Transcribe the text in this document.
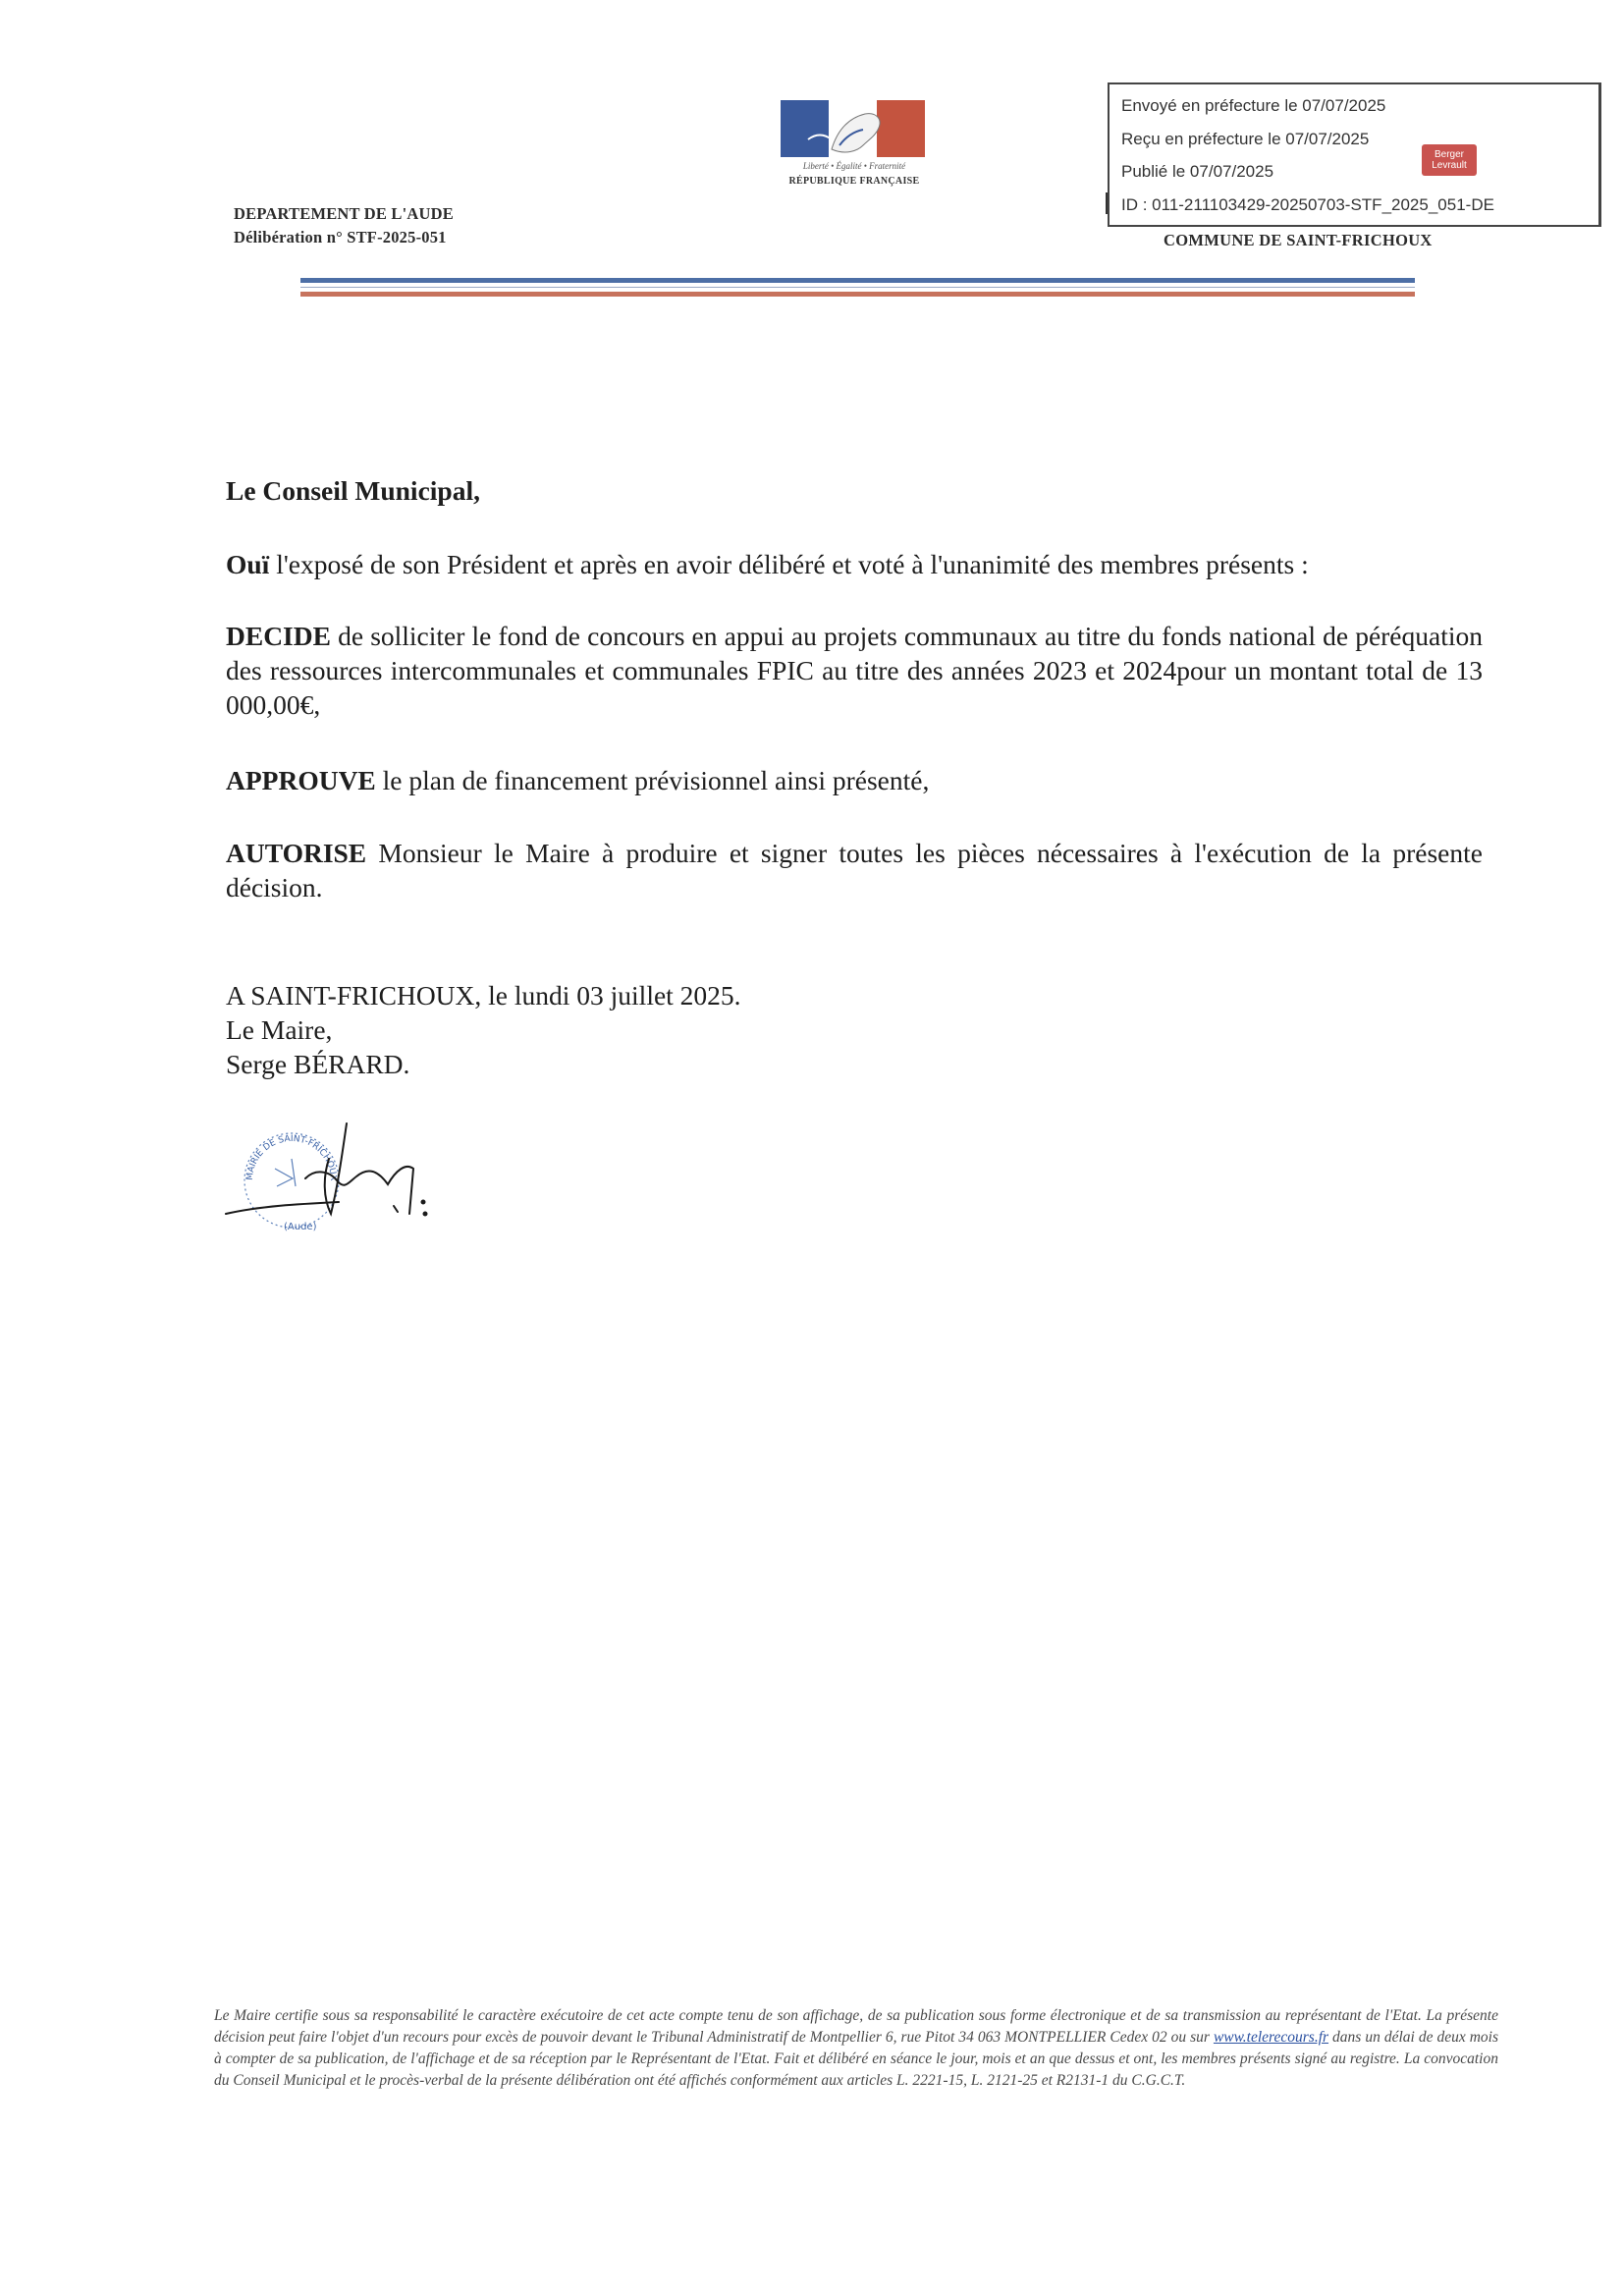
Liberté • Égalité • Fraternité
RÉPUBLIQUE FRANÇAISE
DEPARTEMENT DE L'AUDE
Délibération n° STF-2025-051
Envoyé en préfecture le 07/07/2025
Reçu en préfecture le 07/07/2025
Publié le 07/07/2025
ID : 011-211103429-20250703-STF_2025_051-DE
Berger
Levrault
COMMUNE DE SAINT-FRICHOUX
Le Conseil Municipal,
Ouï l'exposé de son Président et après en avoir délibéré et voté à l'unanimité des membres présents :
DECIDE de solliciter le fond de concours en appui au projets communaux au titre du fonds national de péréquation des ressources intercommunales et communales FPIC au titre des années 2023 et 2024pour un montant total de 13 000,00€,
APPROUVE le plan de financement prévisionnel ainsi présenté,
AUTORISE Monsieur le Maire à produire et signer toutes les pièces nécessaires à l'exécution de la présente décision.
A SAINT-FRICHOUX, le lundi 03 juillet 2025.
Le Maire,
Serge BÉRARD.
MAIRIE DE SAINT-FRICHOUX
(Aude)
Le Maire certifie sous sa responsabilité le caractère exécutoire de cet acte compte tenu de son affichage, de sa publication sous forme électronique et de sa transmission au représentant de l'Etat. La présente décision peut faire l'objet d'un recours pour excès de pouvoir devant le Tribunal Administratif de Montpellier 6, rue Pitot 34 063 MONTPELLIER Cedex 02 ou sur www.telerecours.fr dans un délai de deux mois à compter de sa publication, de l'affichage et de sa réception par le Représentant de l'Etat. Fait et délibéré en séance le jour, mois et an que dessus et ont, les membres présents signé au registre. La convocation du Conseil Municipal et le procès-verbal de la présente délibération ont été affichés conformément aux articles L. 2221-15, L. 2121-25 et R2131-1 du C.G.C.T.
